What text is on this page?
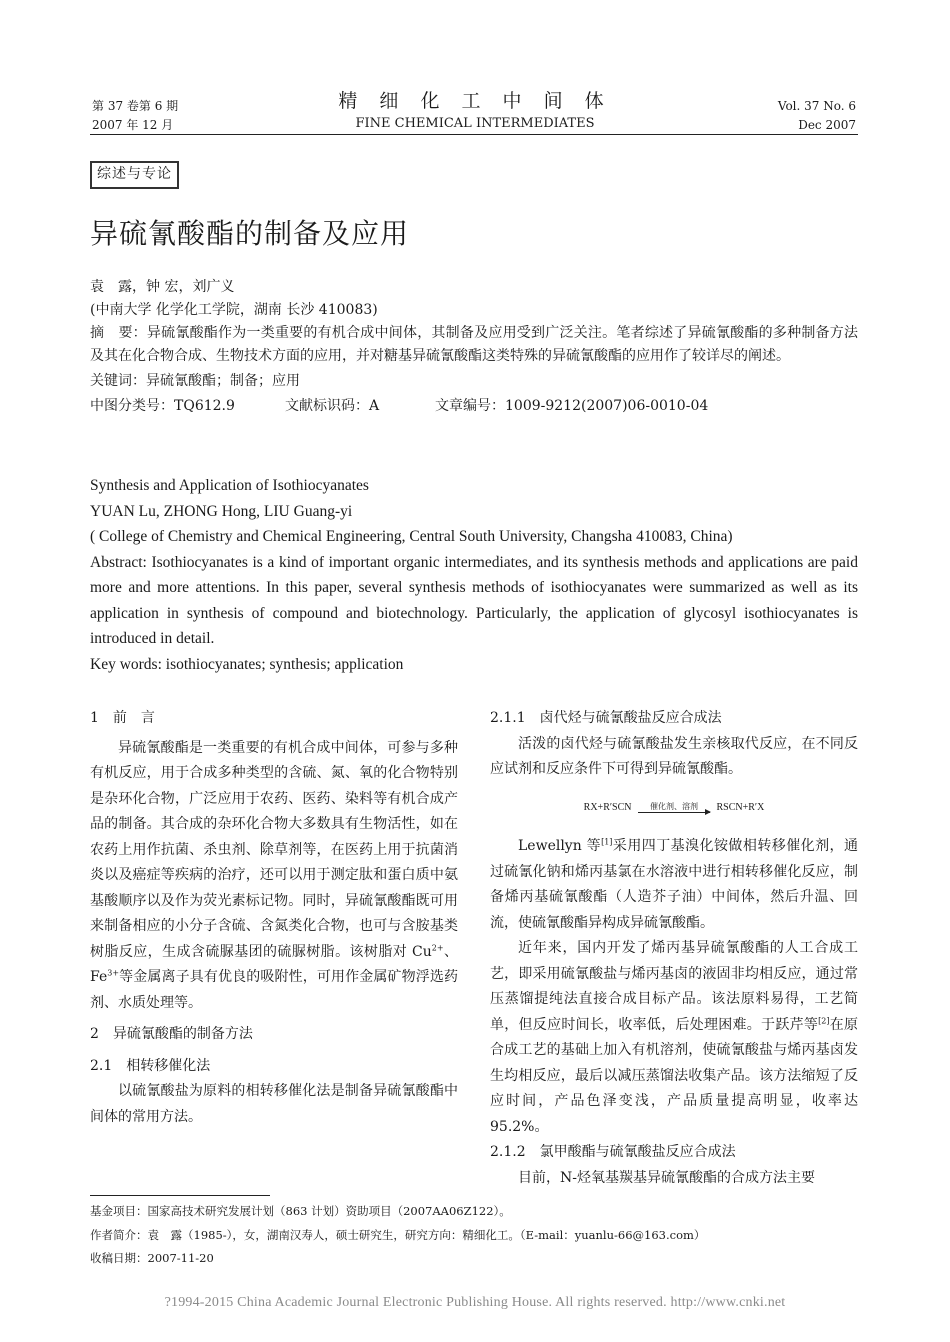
第 37 卷第 6 期
2007 年 12 月
精 细 化 工 中 间 体
FINE CHEMICAL INTERMEDIATES
Vol. 37 No. 6
Dec 2007
综述与专论
异硫氰酸酯的制备及应用

袁　露，钟 宏，刘广义

(中南大学 化学化工学院，湖南 长沙 410083)

摘　要：异硫氰酸酯作为一类重要的有机合成中间体，其制备及应用受到广泛关注。笔者综述了异硫氰酸酯的多种制备方法及其在化合物合成、生物技术方面的应用，并对糖基异硫氰酸酯这类特殊的异硫氰酸酯的应用作了较详尽的阐述。

关键词：异硫氰酸酯；制备；应用

中图分类号：TQ612.9	文献标识码：A	文章编号：1009-9212(2007)06-0010-04

Synthesis and Application of Isothiocyanates

YUAN Lu, ZHONG Hong, LIU Guang-yi

( College of Chemistry and Chemical Engineering, Central South University, Changsha 410083, China)

Abstract: Isothiocyanates is a kind of important organic intermediates, and its synthesis methods and applications are paid more and more attentions. In this paper, several synthesis methods of isothiocyanates were summarized as well as its application in synthesis of compound and biotechnology. Particularly, the application of glycosyl isothiocyanates is introduced in detail.

Key words: isothiocyanates; synthesis; application

1　前　言

异硫氰酸酯是一类重要的有机合成中间体，可参与多种有机反应，用于合成多种类型的含硫、氮、氧的化合物特别是杂环化合物，广泛应用于农药、医药、染料等有机合成产品的制备。其合成的杂环化合物大多数具有生物活性，如在农药上用作抗菌、杀虫剂、除草剂等，在医药上用于抗菌消炎以及癌症等疾病的治疗，还可以用于测定肽和蛋白质中氨基酸顺序以及作为荧光素标记物。同时，异硫氰酸酯既可用来制备相应的小分子含硫、含氮类化合物，也可与含胺基类树脂反应，生成含硫脲基团的硫脲树脂。该树脂对 $Cu^{2+}$、$Fe^{3+}$等金属离子具有优良的吸附性，可用作金属矿物浮选药剂、水质处理等。

2　异硫氰酸酯的制备方法
2.1　相转移催化法

以硫氰酸盐为原料的相转移催化法是制备异硫氰酸酯中间体的常用方法。

2.1.1　卤代烃与硫氰酸盐反应合成法

活泼的卤代烃与硫氰酸盐发生亲核取代反应，在不同反应试剂和反应条件下可得到异硫氰酸酯。

RX+R′SCN	催化剂、溶剂	RSCN+R′X

Lewellyn 等[1]采用四丁基溴化铵做相转移催化剂，通过硫氰化钠和烯丙基氯在水溶液中进行相转移催化反应，制备烯丙基硫氰酸酯（人造芥子油）中间体，然后升温、回流，使硫氰酸酯异构成异硫氰酸酯。

近年来，国内开发了烯丙基异硫氰酸酯的人工合成工艺，即采用硫氰酸盐与烯丙基卤的液固非均相反应，通过常压蒸馏提纯法直接合成目标产品。该法原料易得，工艺简单，但反应时间长，收率低，后处理困难。于跃芹等[2]在原合成工艺的基础上加入有机溶剂，使硫氰酸盐与烯丙基卤发生均相反应，最后以减压蒸馏法收集产品。该方法缩短了反应时间，产品色泽变浅，产品质量提高明显，收率达 95.2%。

2.1.2　氯甲酸酯与硫氰酸盐反应合成法

目前，N-烃氧基羰基异硫氰酸酯的合成方法主要

基金项目：国家高技术研究发展计划（863 计划）资助项目（2007AA06Z122）。

作者简介：袁　露（1985-），女，湖南汉寿人，硕士研究生，研究方向：精细化工。（E-mail：yuanlu-66@163.com）

收稿日期：2007-11-20

?1994-2015 China Academic Journal Electronic Publishing House. All rights reserved. http://www.cnki.net
